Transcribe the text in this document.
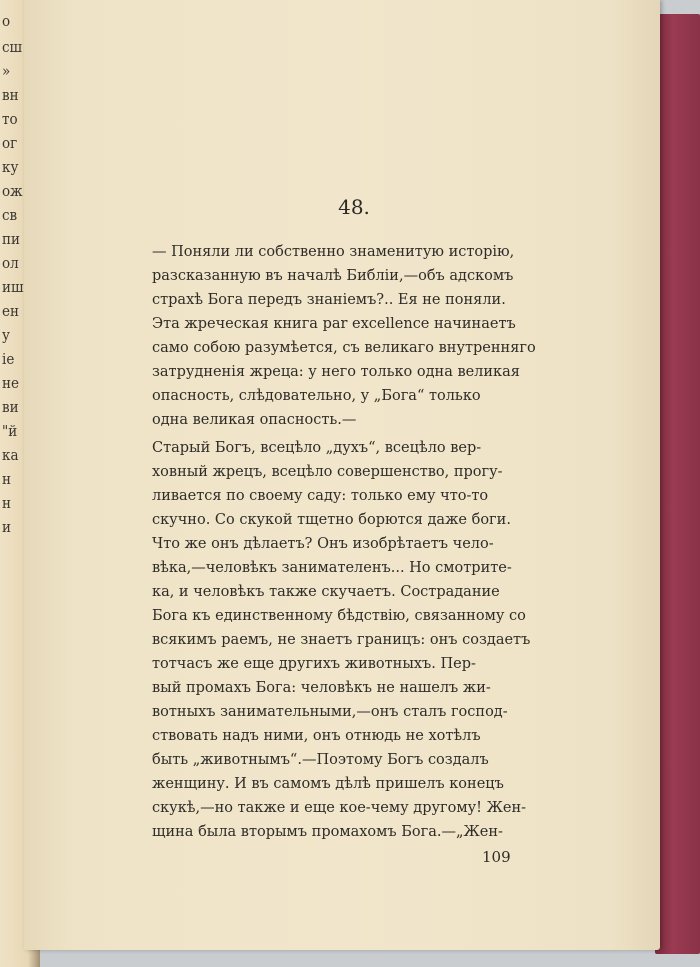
о
сш
»
вн
то
ог
ку
ож
св
пи
ол
иш
ен
у
ie
не
ви
"й
ка
н
н
и
48.
— Поняли ли собственно знаменитую исторію,
разсказанную въ началѣ Библіи,—объ адскомъ
страхѣ Бога передъ знаніемъ?.. Ея не поняли.
Эта жреческая книга par excellence начинаетъ
само собою разумѣется, съ великаго внутренняго
затрудненія жреца: у него только одна великая
опасность, слѣдовательно, у „Бога“ только
одна великая опасность.—
Старый Богъ, всецѣло „духъ“, всецѣло вер-
ховный жрецъ, всецѣло совершенство, прогу-
ливается по своему саду: только ему что-то
скучно. Со скукой тщетно борются даже боги.
Что же онъ дѣлаетъ? Онъ изобрѣтаетъ чело-
вѣка,—человѣкъ занимателенъ... Но смотрите-
ка, и человѣкъ также скучаетъ. Сострадание
Бога къ единственному бѣдствію, связанному со
всякимъ раемъ, не знаетъ границъ: онъ создаетъ
тотчасъ же еще другихъ животныхъ. Пер-
вый промахъ Бога: человѣкъ не нашелъ жи-
вотныхъ занимательными,—онъ сталъ господ-
ствовать надъ ними, онъ отнюдь не хотѣлъ
быть „животнымъ“.—Поэтому Богъ создалъ
женщину. И въ самомъ дѣлѣ пришелъ конецъ
скукѣ,—но также и еще кое-чему другому! Жен-
щина была вторымъ промахомъ Бога.—„Жен-
109
